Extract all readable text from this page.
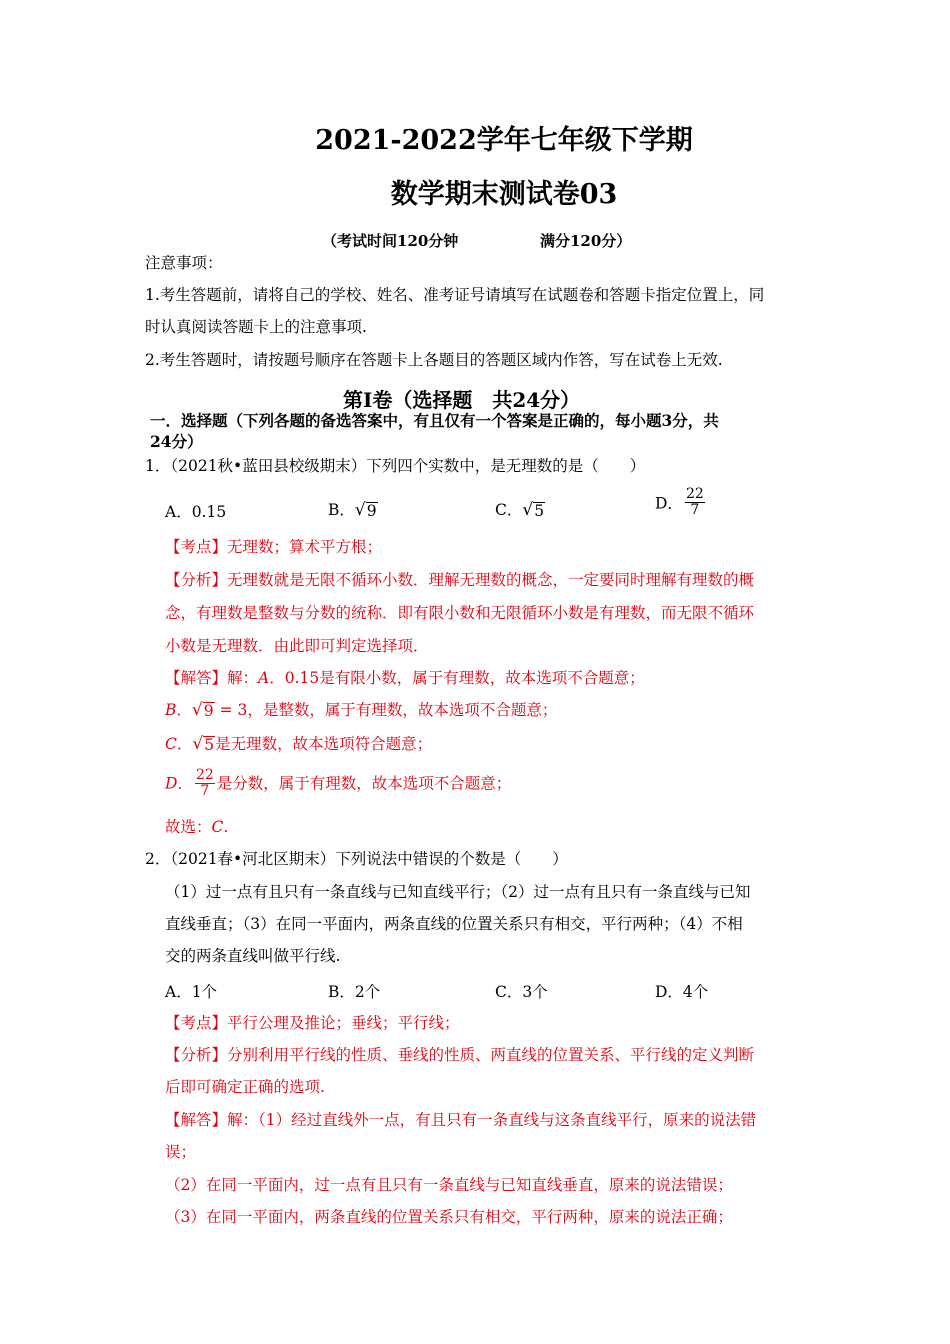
2021-2022学年七年级下学期
数学期末测试卷03
（考试时间120分钟	满分120分）
注意事项：
1.考生答题前，请将自己的学校、姓名、准考证号请填写在试题卷和答题卡指定位置上，同
时认真阅读答题卡上的注意事项.
2.考生答题时，请按题号顺序在答题卡上各题目的答题区域内作答，写在试卷上无效.
第Ⅰ卷（选择题　共24分）
一．选择题（下列各题的备选答案中，有且仅有一个答案是正确的，每小题3分，共
24分）
1．（2021秋•蓝田县校级期末）下列四个实数中，是无理数的是（　　）
A．0.15	B． √ 9	C． √ 5	D． $\frac{22}{7}$
【考点】无理数；算术平方根；
【分析】无理数就是无限不循环小数．理解无理数的概念，一定要同时理解有理数的概
念，有理数是整数与分数的统称．即有限小数和无限循环小数是有理数，而无限不循环
小数是无理数．由此即可判定选择项．
【解答】解：A．0.15是有限小数，属于有理数，故本选项不合题意；
B． √ 9 = 3，是整数，属于有理数，故本选项不合题意；
C． √ 5 是无理数，故本选项符合题意；
D． $\frac{22}{7}$ 是分数，属于有理数，故本选项不合题意；
故选：C.
2．（2021春•河北区期末）下列说法中错误的个数是（　　）
（1）过一点有且只有一条直线与已知直线平行；（2）过一点有且只有一条直线与已知
直线垂直；（3）在同一平面内，两条直线的位置关系只有相交，平行两种；（4）不相
交的两条直线叫做平行线.
A．1个	B．2个	C．3个	D．4个
【考点】平行公理及推论；垂线；平行线；
【分析】分别利用平行线的性质、垂线的性质、两直线的位置关系、平行线的定义判断
后即可确定正确的选项.
【解答】解：（1）经过直线外一点，有且只有一条直线与这条直线平行，原来的说法错
误；
（2）在同一平面内，过一点有且只有一条直线与已知直线垂直，原来的说法错误；
（3）在同一平面内，两条直线的位置关系只有相交，平行两种，原来的说法正确；
